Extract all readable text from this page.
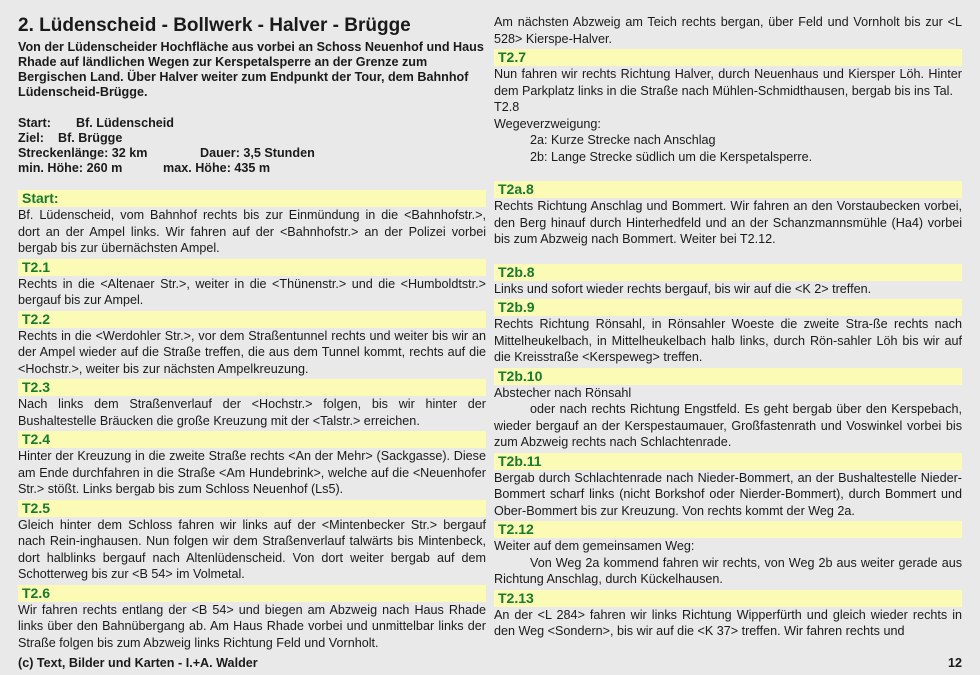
2. Lüdenscheid - Bollwerk - Halver - Brügge
Von der Lüdenscheider Hochfläche aus vorbei an Schoss Neuenhof und Haus Rhade auf ländlichen Wegen zur Kerspetalsperre an der Grenze zum Bergischen Land. Über Halver weiter zum Endpunkt der Tour, dem Bahnhof Lüdenscheid-Brügge.
Start: Bf. Lüdenscheid
Ziel: Bf. Brügge
Streckenlänge: 32 km	Dauer: 3,5 Stunden
min. Höhe: 260 m	max. Höhe: 435 m
Start:
Bf. Lüdenscheid, vom Bahnhof rechts bis zur Einmündung in die <Bahnhofstr.>, dort an der Ampel links. Wir fahren auf der <Bahnhofstr.> an der Polizei vorbei bergab bis zur übernächsten Ampel.
T2.1
Rechts in die <Altenaer Str.>, weiter in die <Thünenstr.> und die <Humboldtstr.> bergauf bis zur Ampel.
T2.2
Rechts in die <Werdohler Str.>, vor dem Straßentunnel rechts und weiter bis wir an der Ampel wieder auf die Straße treffen, die aus dem Tunnel kommt, rechts auf die <Hochstr.>, weiter bis zur nächsten Ampelkreuzung.
T2.3
Nach links dem Straßenverlauf der <Hochstr.> folgen, bis wir hinter der Bushaltestelle Bräucken die große Kreuzung mit der <Talstr.> erreichen.
T2.4
Hinter der Kreuzung in die zweite Straße rechts <An der Mehr> (Sackgasse). Diese am Ende durchfahren in die Straße <Am Hundebrink>, welche auf die <Neuenhofer Str.> stößt. Links bergab bis zum Schloss Neuenhof (Ls5).
T2.5
Gleich hinter dem Schloss fahren wir links auf der <Mintenbecker Str.> bergauf nach Rein-inghausen. Nun folgen wir dem Straßenverlauf talwärts bis Mintenbeck, dort halblinks bergauf nach Altenlüdenscheid. Von dort weiter bergab auf dem Schotterweg bis zur <B 54> im Volmetal.
T2.6
Wir fahren rechts entlang der <B 54> und biegen am Abzweig nach Haus Rhade links über den Bahnübergang ab. Am Haus Rhade vorbei und unmittelbar links der Straße folgen bis zum Abzweig links Richtung Feld und Vornholt.
Am nächsten Abzweig am Teich rechts bergan, über Feld und Vornholt bis zur <L 528> Kierspe-Halver.
T2.7
Nun fahren wir rechts Richtung Halver, durch Neuenhaus und Kiersper Löh. Hinter dem Parkplatz links in die Straße nach Mühlen-Schmidthausen, bergab bis ins Tal.
T2.8
Wegeverzweigung:
2a: Kurze Strecke nach Anschlag
2b: Lange Strecke südlich um die Kerspetalsperre.
T2a.8
Rechts Richtung Anschlag und Bommert. Wir fahren an den Vorstaubecken vorbei, den Berg hinauf durch Hinterhedfeld und an der Schanzmannsmühle (Ha4) vorbei bis zum Abzweig nach Bommert. Weiter bei T2.12.
T2b.8
Links und sofort wieder rechts bergauf, bis wir auf die <K 2> treffen.
T2b.9
Rechts Richtung Rönsahl, in Rönsahler Woeste die zweite Stra-ße rechts nach Mittelheukelbach, in Mittelheukelbach halb links, durch Rön-sahler Löh bis wir auf die Kreisstraße <Kerspeweg> treffen.
T2b.10
Abstecher nach Rönsahl
oder nach rechts Richtung Engstfeld. Es geht bergab über den Kerspebach, wieder bergauf an der Kerspestaumauer, Großfastenrath und Voswinkel vorbei bis zum Abzweig rechts nach Schlachtenrade.
T2b.11
Bergab durch Schlachtenrade nach Nieder-Bommert, an der Bushaltestelle Nieder-Bommert scharf links (nicht Borkshof oder Nierder-Bommert), durch Bommert und Ober-Bommert bis zur Kreuzung. Von rechts kommt der Weg 2a.
T2.12
Weiter auf dem gemeinsamen Weg:
Von Weg 2a kommend fahren wir rechts, von Weg 2b aus weiter gerade aus Richtung Anschlag, durch Kückelhausen.
T2.13
An der <L 284> fahren wir links Richtung Wipperfürth und gleich wieder rechts in den Weg <Sondern>, bis wir auf die <K 37> treffen. Wir fahren rechts und
(c) Text, Bilder und Karten - I.+A. Walder	12
